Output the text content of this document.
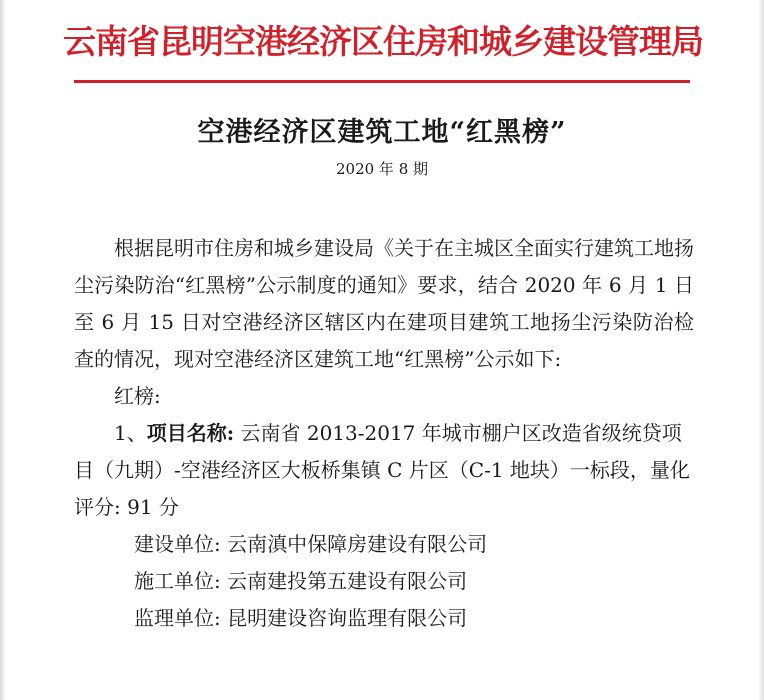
云南省昆明空港经济区住房和城乡建设管理局
空港经济区建筑工地“红黑榜”
2020 年 8 期

根据昆明市住房和城乡建设局《关于在主城区全面实行建筑工地扬尘污染防治“红黑榜”公示制度的通知》要求，结合 2020 年 6 月 1 日至 6 月 15 日对空港经济区辖区内在建项目建筑工地扬尘污染防治检查的情况，现对空港经济区建筑工地“红黑榜”公示如下:

红榜:

1、项目名称: 云南省 2013-2017 年城市棚户区改造省级统贷项目（九期）-空港经济区大板桥集镇 C 片区（C-1 地块）一标段，量化评分: 91 分

建设单位: 云南滇中保障房建设有限公司

施工单位: 云南建投第五建设有限公司

监理单位: 昆明建设咨询监理有限公司
